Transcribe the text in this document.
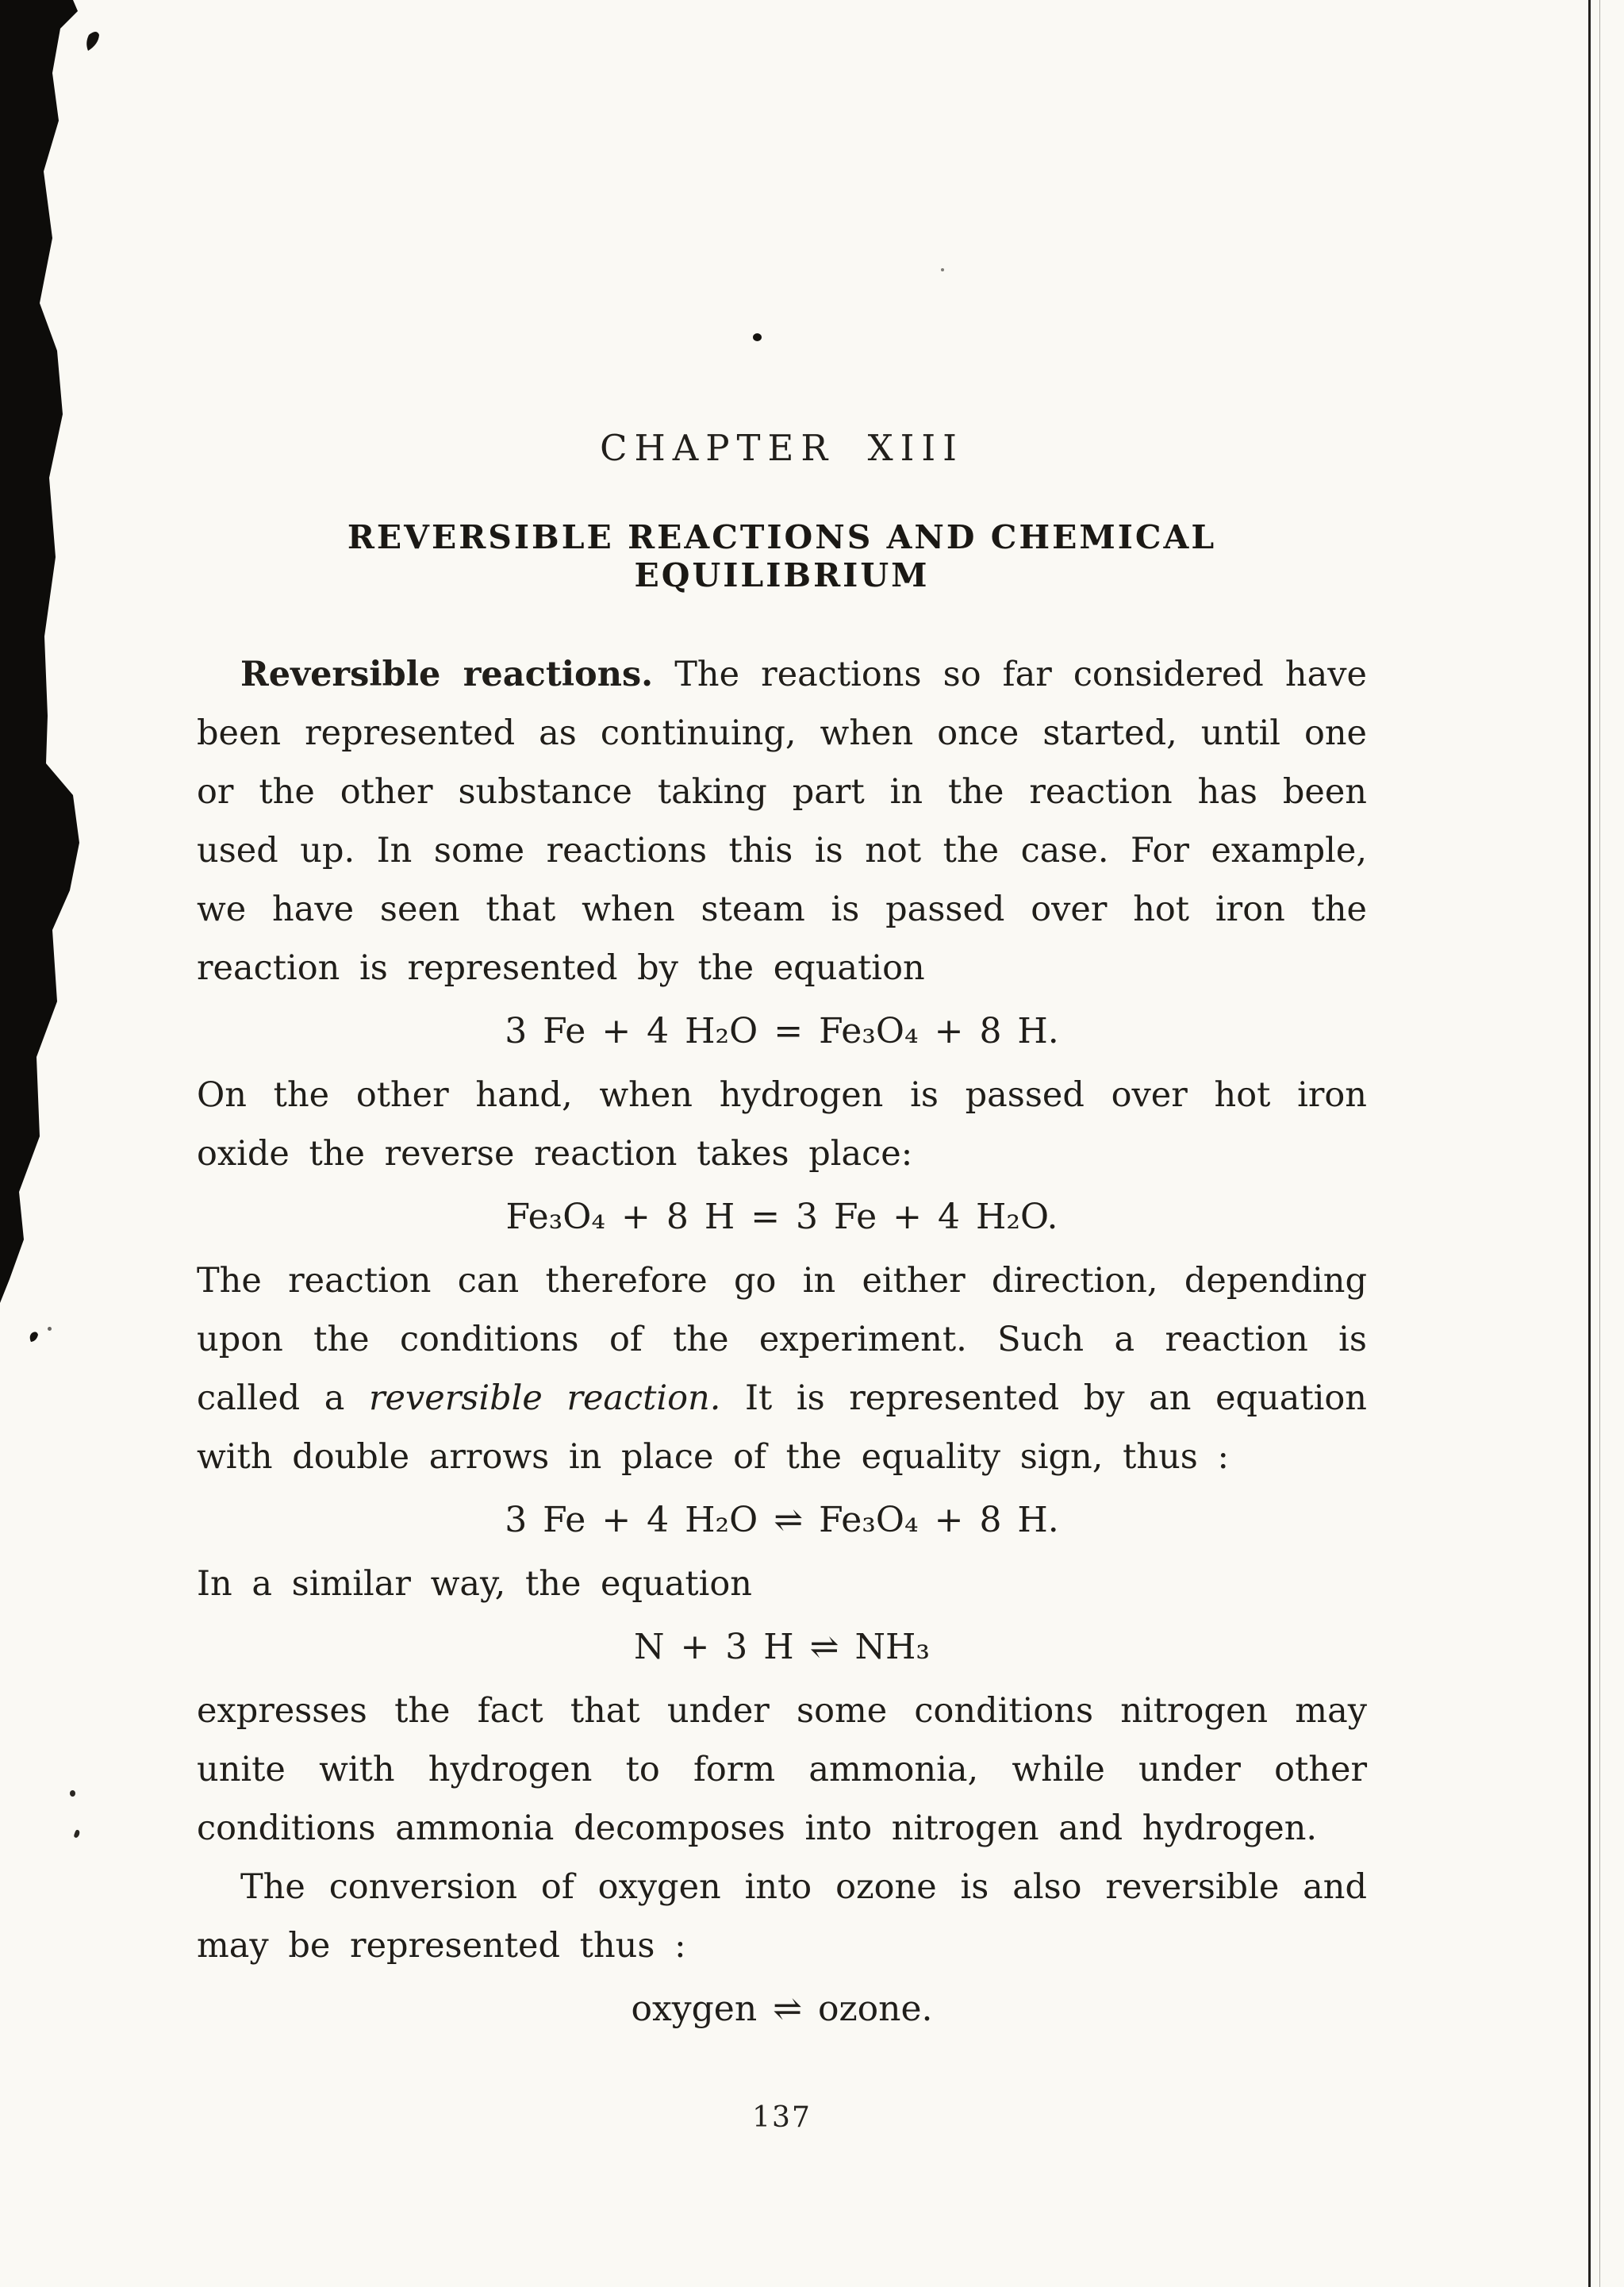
CHAPTER XIII
REVERSIBLE REACTIONS AND CHEMICAL EQUILIBRIUM

Reversible reactions. The reactions so far considered have been represented as continuing, when once started, until one or the other substance taking part in the reaction has been used up. In some reactions this is not the case. For example, we have seen that when steam is passed over hot iron the reaction is represented by the equation

3 Fe + 4 H₂O = Fe₃O₄ + 8 H.

On the other hand, when hydrogen is passed over hot iron oxide the reverse reaction takes place:

Fe₃O₄ + 8 H = 3 Fe + 4 H₂O.

The reaction can therefore go in either direction, depending upon the conditions of the experiment. Such a reaction is called a reversible reaction. It is represented by an equation with double arrows in place of the equality sign, thus :

3 Fe + 4 H₂O ⇌ Fe₃O₄ + 8 H.

In a similar way, the equation

N + 3 H ⇌ NH₃

expresses the fact that under some conditions nitrogen may unite with hydrogen to form ammonia, while under other conditions ammonia decomposes into nitrogen and hydrogen.

The conversion of oxygen into ozone is also reversible and may be represented thus :

oxygen ⇌ ozone.
137
